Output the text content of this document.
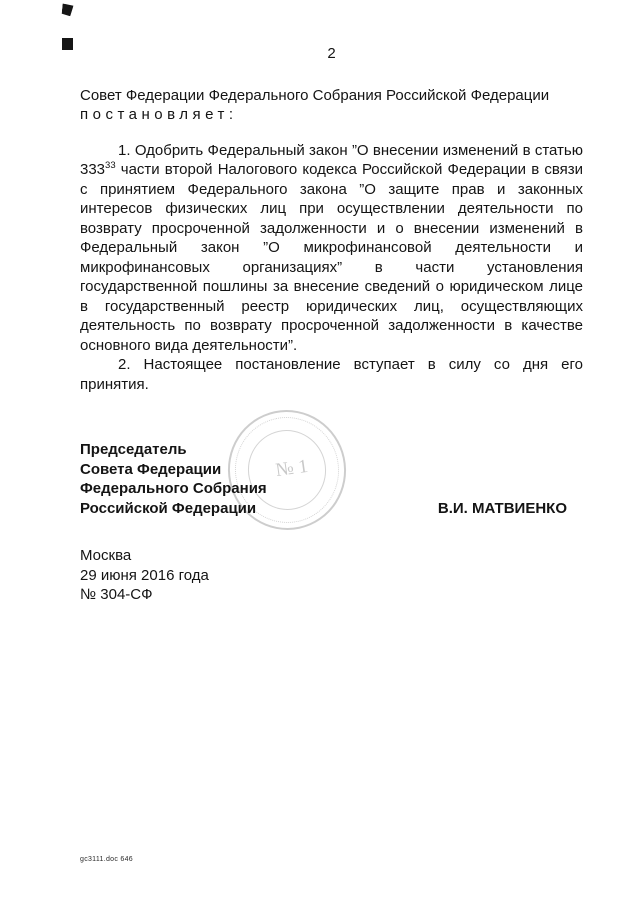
№ 1
2

Совет Федерации Федерального Собрания Российской Федерации
постановляет:

1. Одобрить Федеральный закон ”О внесении изменений в статью $333^{33}$ части второй Налогового кодекса Российской Федерации в связи с принятием Федерального закона ”О защите прав и законных интересов физических лиц при осуществлении деятельности по возврату просроченной задолженности и о внесении изменений в Федеральный закон ”О микрофинансовой деятельности и микрофинансовых организациях” в части установления государственной пошлины за внесение сведений о юридическом лице в государственный реестр юридических лиц, осуществляющих деятельность по возврату просроченной задолженности в качестве основного вида деятельности”.

2. Настоящее постановление вступает в силу со дня его принятия.

Председатель
Совета Федерации
Федерального Собрания
Российской Федерации	В.И. МАТВИЕНКО
Москва
29 июня 2016 года
№ 304-СФ
gc3111.doc 646
